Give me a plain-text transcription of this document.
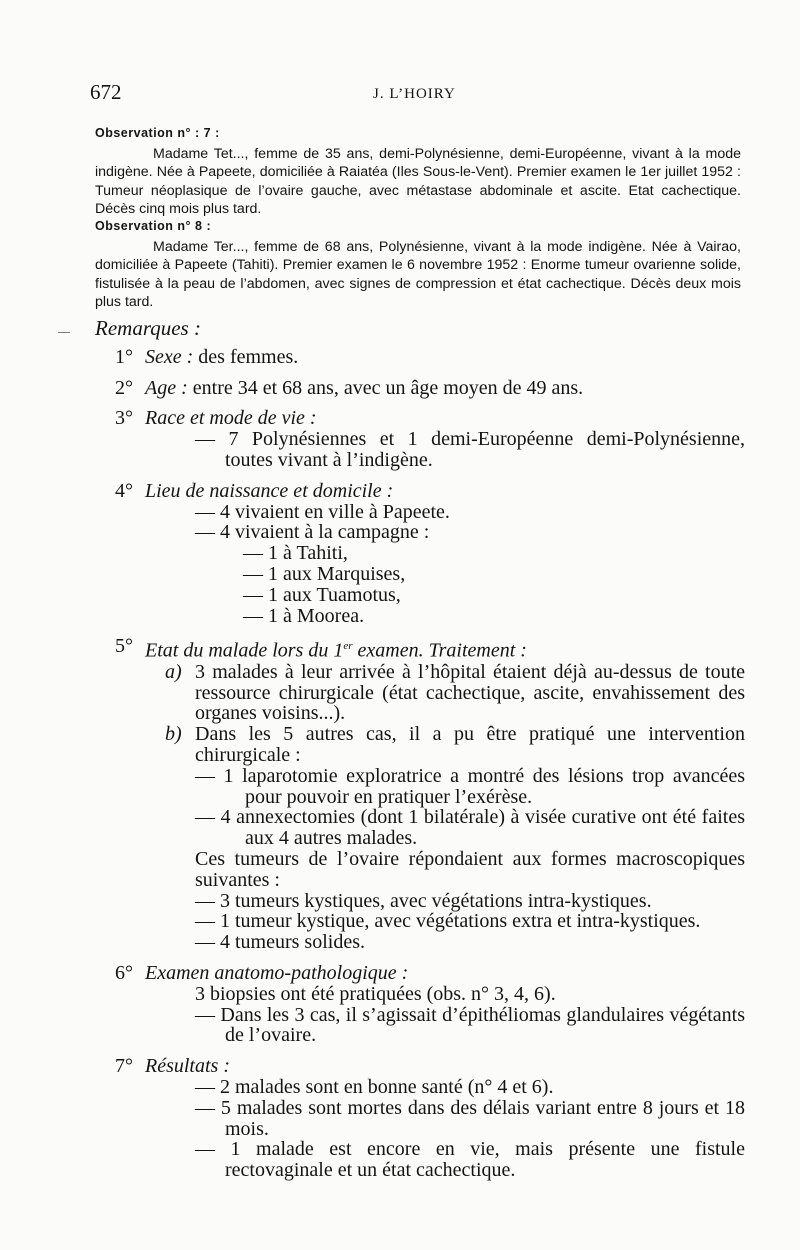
672	J. L’HOIRY
Observation n° : 7 :

Madame Tet..., femme de 35 ans, demi-Polynésienne, demi-Européenne, vivant à la mode indigène. Née à Papeete, domiciliée à Raiatéa (Iles Sous-le-Vent). Premier examen le 1er juillet 1952 : Tumeur néoplasique de l’ovaire gauche, avec métastase abdominale et ascite. Etat cachectique. Décès cinq mois plus tard.

Observation n° 8 :

Madame Ter..., femme de 68 ans, Polynésienne, vivant à la mode indigène. Née à Vairao, domiciliée à Papeete (Tahiti). Premier examen le 6 novembre 1952 : Enorme tumeur ovarienne solide, fistulisée à la peau de l’abdomen, avec signes de compression et état cachectique. Décès deux mois plus tard.

Remarques :
1° Sexe : des femmes.
2° Age : entre 34 et 68 ans, avec un âge moyen de 49 ans.
3° Race et mode de vie :
— 7 Polynésiennes et 1 demi-Européenne demi-Polynésienne, toutes vivant à l’indigène.
4° Lieu de naissance et domicile :
— 4 vivaient en ville à Papeete.
— 4 vivaient à la campagne :
— 1 à Tahiti,
— 1 aux Marquises,
— 1 aux Tuamotus,
— 1 à Moorea.
5° Etat du malade lors du 1er examen. Traitement :
a) 3 malades à leur arrivée à l’hôpital étaient déjà au-dessus de toute ressource chirurgicale (état cachectique, ascite, envahissement des organes voisins...).
b) Dans les 5 autres cas, il a pu être pratiqué une intervention chirurgicale :
— 1 laparotomie exploratrice a montré des lésions trop avancées pour pouvoir en pratiquer l’exérèse.
— 4 annexectomies (dont 1 bilatérale) à visée curative ont été faites aux 4 autres malades.
Ces tumeurs de l’ovaire répondaient aux formes macroscopiques suivantes :
— 3 tumeurs kystiques, avec végétations intra-kystiques.
— 1 tumeur kystique, avec végétations extra et intra-kystiques.
— 4 tumeurs solides.
6° Examen anatomo-pathologique :
3 biopsies ont été pratiquées (obs. n° 3, 4, 6).
— Dans les 3 cas, il s’agissait d’épithéliomas glandulaires végétants de l’ovaire.
7° Résultats :
— 2 malades sont en bonne santé (n° 4 et 6).
— 5 malades sont mortes dans des délais variant entre 8 jours et 18 mois.
— 1 malade est encore en vie, mais présente une fistule rectovaginale et un état cachectique.
